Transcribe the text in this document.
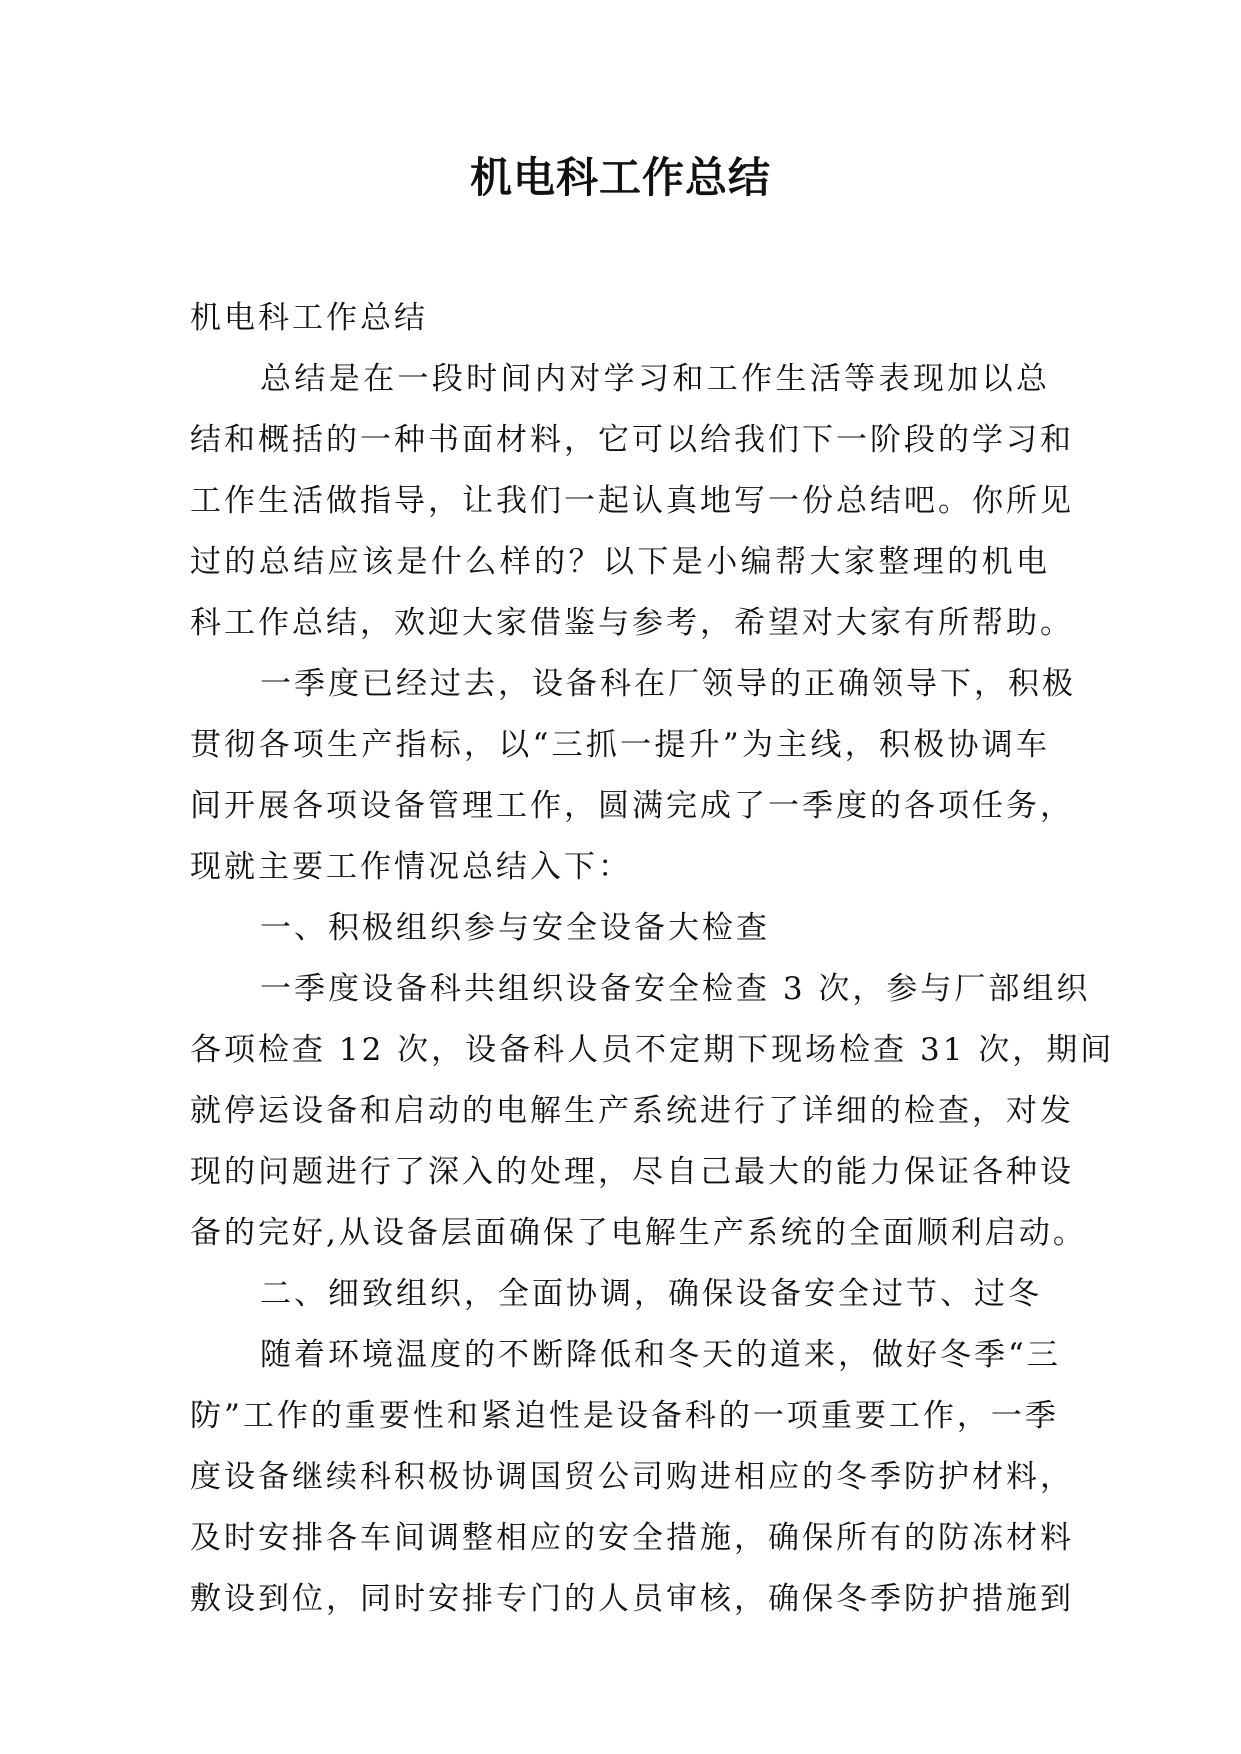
机电科工作总结

机电科工作总结

总结是在一段时间内对学习和工作生活等表现加以总
结和概括的一种书面材料，它可以给我们下一阶段的学习和
工作生活做指导，让我们一起认真地写一份总结吧。你所见
过的总结应该是什么样的？以下是小编帮大家整理的机电
科工作总结，欢迎大家借鉴与参考，希望对大家有所帮助。

一季度已经过去，设备科在厂领导的正确领导下，积极
贯彻各项生产指标，以“三抓一提升”为主线，积极协调车
间开展各项设备管理工作，圆满完成了一季度的各项任务，
现就主要工作情况总结入下：

一、积极组织参与安全设备大检查

一季度设备科共组织设备安全检查 3 次，参与厂部组织
各项检查 12 次，设备科人员不定期下现场检查 31 次，期间
就停运设备和启动的电解生产系统进行了详细的检查，对发
现的问题进行了深入的处理，尽自己最大的能力保证各种设
备的完好,从设备层面确保了电解生产系统的全面顺利启动。

二、细致组织，全面协调，确保设备安全过节、过冬

随着环境温度的不断降低和冬天的道来，做好冬季“三
防”工作的重要性和紧迫性是设备科的一项重要工作，一季
度设备继续科积极协调国贸公司购进相应的冬季防护材料，
及时安排各车间调整相应的安全措施，确保所有的防冻材料
敷设到位，同时安排专门的人员审核，确保冬季防护措施到
